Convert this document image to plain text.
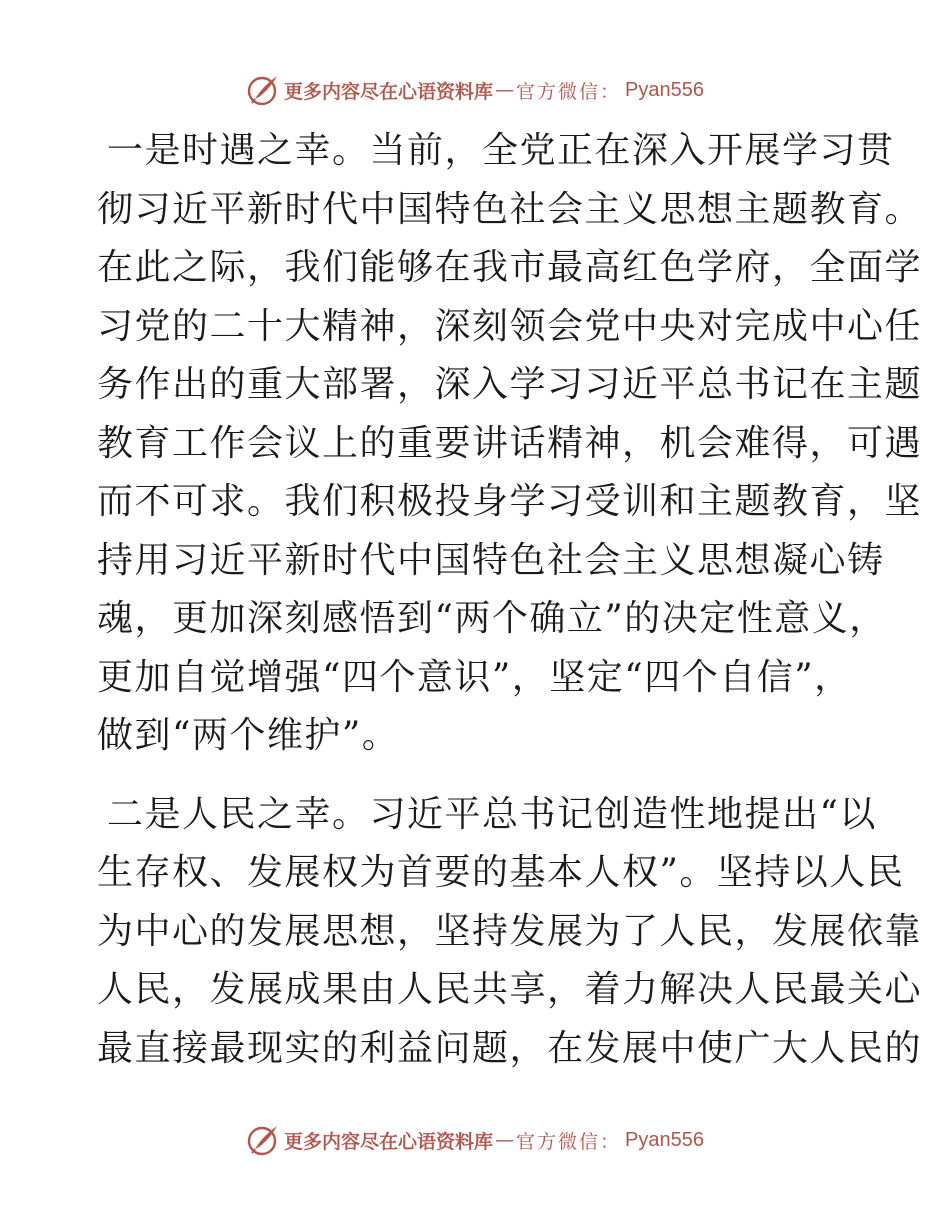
更多内容尽在心语资料库 — 官方微信： Pyan556
一是时遇之幸。当前，全党正在深入开展学习贯
彻习近平新时代中国特色社会主义思想主题教育。
在此之际，我们能够在我市最高红色学府，全面学
习党的二十大精神，深刻领会党中央对完成中心任
务作出的重大部署，深入学习习近平总书记在主题
教育工作会议上的重要讲话精神，机会难得，可遇
而不可求。我们积极投身学习受训和主题教育，坚
持用习近平新时代中国特色社会主义思想凝心铸
魂，更加深刻感悟到“两个确立”的决定性意义，
更加自觉增强“四个意识”，坚定“四个自信”，
做到“两个维护”。
二是人民之幸。习近平总书记创造性地提出“以
生存权、发展权为首要的基本人权”。坚持以人民
为中心的发展思想，坚持发展为了人民，发展依靠
人民，发展成果由人民共享，着力解决人民最关心
最直接最现实的利益问题，在发展中使广大人民的
更多内容尽在心语资料库 — 官方微信： Pyan556
